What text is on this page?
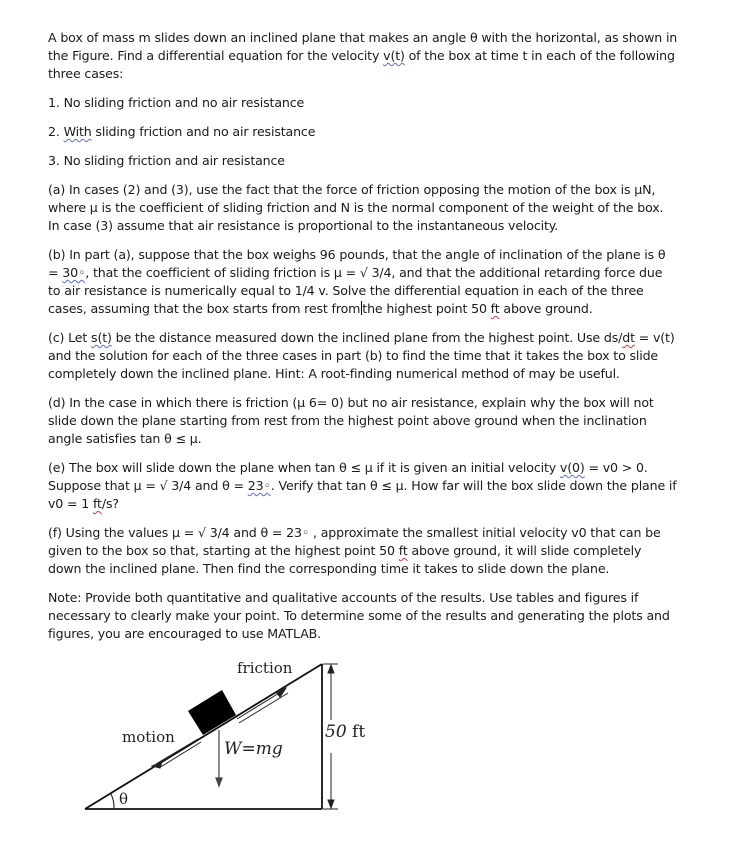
A box of mass m slides down an inclined plane that makes an angle θ with the horizontal, as shown in the Figure. Find a differential equation for the velocity v(t) of the box at time t in each of the following three cases:

1. No sliding friction and no air resistance

2. With sliding friction and no air resistance

3. No sliding friction and air resistance

(a) In cases (2) and (3), use the fact that the force of friction opposing the motion of the box is μN, where μ is the coefficient of sliding friction and N is the normal component of the weight of the box. In case (3) assume that air resistance is proportional to the instantaneous velocity.

(b) In part (a), suppose that the box weighs 96 pounds, that the angle of inclination of the plane is θ = 30◦, that the coefficient of sliding friction is μ = √ 3/4, and that the additional retarding force due to air resistance is numerically equal to 1/4 v. Solve the differential equation in each of the three cases, assuming that the box starts from rest from the highest point 50 ft above ground.

(c) Let s(t) be the distance measured down the inclined plane from the highest point. Use ds/dt = v(t) and the solution for each of the three cases in part (b) to find the time that it takes the box to slide completely down the inclined plane. Hint: A root-finding numerical method of may be useful.

(d) In the case in which there is friction (μ 6= 0) but no air resistance, explain why the box will not slide down the plane starting from rest from the highest point above ground when the inclination angle satisfies tan θ ≤ μ.

(e) The box will slide down the plane when tan θ ≤ μ if it is given an initial velocity v(0) = v0 > 0. Suppose that μ = √ 3/4 and θ = 23◦. Verify that tan θ ≤ μ. How far will the box slide down the plane if v0 = 1 ft/s?

(f) Using the values μ = √ 3/4 and θ = 23◦ , approximate the smallest initial velocity v0 that can be given to the box so that, starting at the highest point 50 ft above ground, it will slide completely down the inclined plane. Then find the corresponding time it takes to slide down the plane.

Note: Provide both quantitative and qualitative accounts of the results. Use tables and figures if necessary to clearly make your point. To determine some of the results and generating the plots and figures, you are encouraged to use MATLAB.

friction
motion
W=mg
50 ft
θ
